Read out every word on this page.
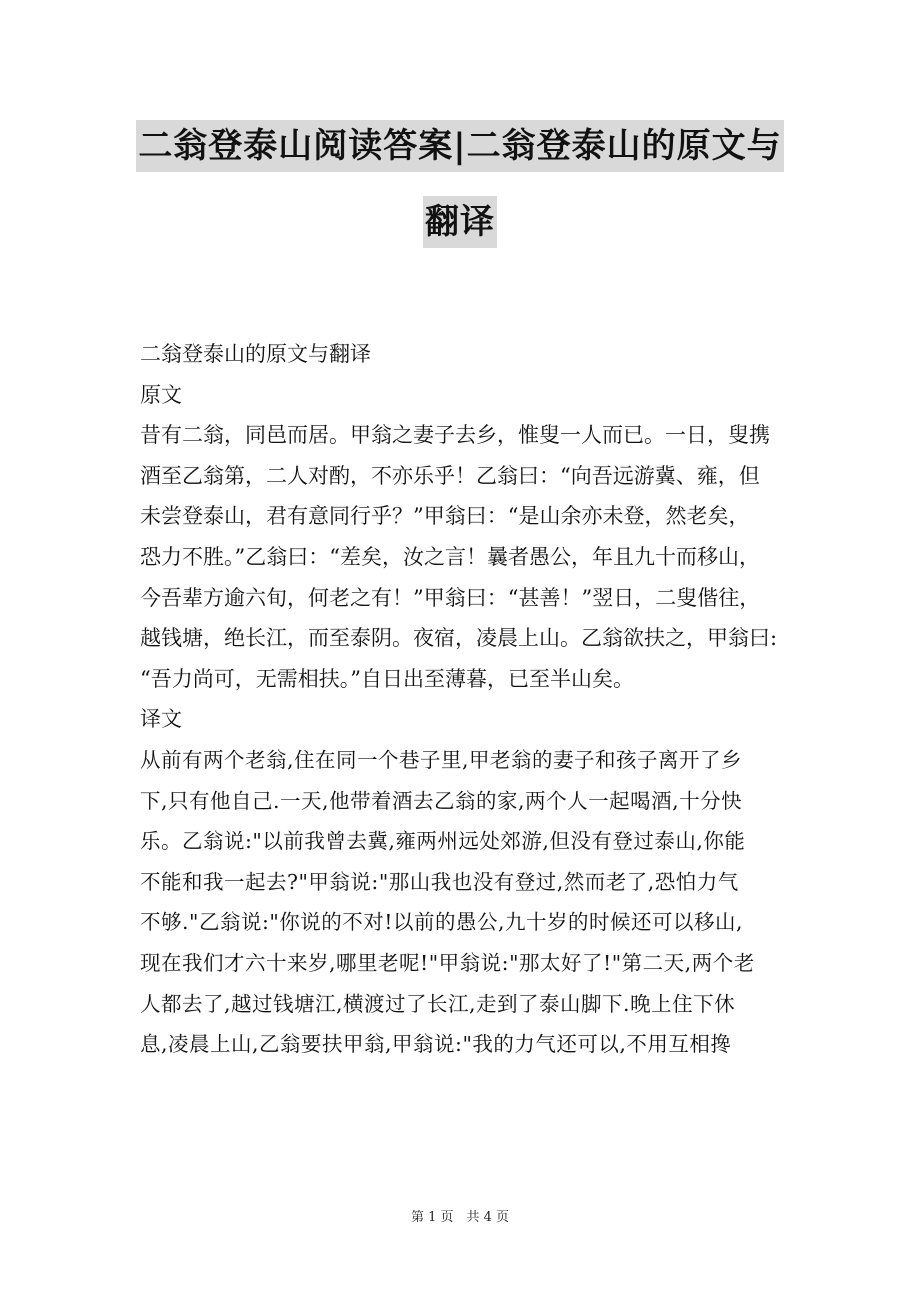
二翁登泰山阅读答案|二翁登泰山的原文与
翻译

二翁登泰山的原文与翻译

原文

昔有二翁，同邑而居。甲翁之妻子去乡，惟叟一人而已。一日，叟携

酒至乙翁第，二人对酌，不亦乐乎！乙翁曰：“向吾远游冀、雍，但

未尝登泰山，君有意同行乎？”甲翁曰：“是山余亦未登，然老矣，

恐力不胜。”乙翁曰：“差矣，汝之言！曩者愚公，年且九十而移山，

今吾辈方逾六旬，何老之有！”甲翁曰：“甚善！”翌日，二叟偕往，

越钱塘，绝长江，而至泰阴。夜宿，凌晨上山。乙翁欲扶之，甲翁曰:

“吾力尚可，无需相扶。”自日出至薄暮，已至半山矣。

译文

从前有两个老翁,住在同一个巷子里,甲老翁的妻子和孩子离开了乡

下,只有他自己.一天,他带着酒去乙翁的家,两个人一起喝酒,十分快

乐。乙翁说:"以前我曾去冀,雍两州远处郊游,但没有登过泰山,你能

不能和我一起去?"甲翁说:"那山我也没有登过,然而老了,恐怕力气

不够."乙翁说:"你说的不对!以前的愚公,九十岁的时候还可以移山,

现在我们才六十来岁,哪里老呢!"甲翁说:"那太好了!"第二天,两个老

人都去了,越过钱塘江,横渡过了长江,走到了泰山脚下.晚上住下休

息,凌晨上山,乙翁要扶甲翁,甲翁说:"我的力气还可以,不用互相搀

第 1 页　共 4 页
